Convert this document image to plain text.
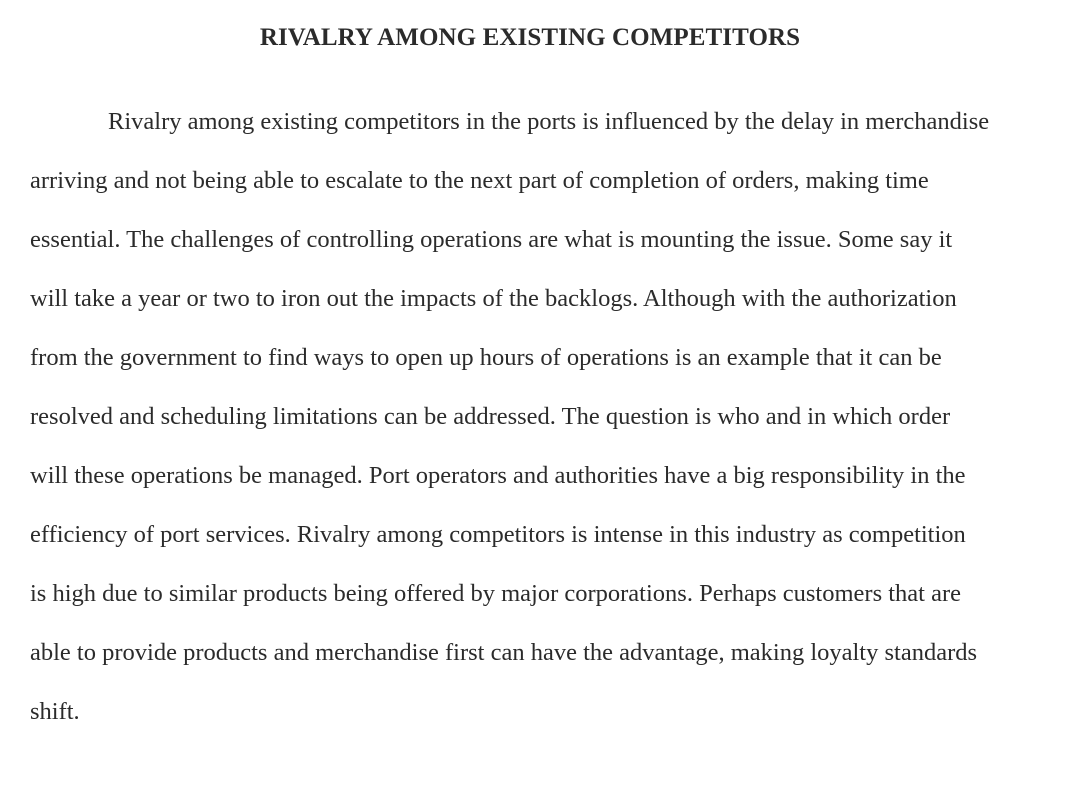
RIVALRY AMONG EXISTING COMPETITORS

Rivalry among existing competitors in the ports is influenced by the delay in merchandise
arriving and not being able to escalate to the next part of completion of orders, making time
essential. The challenges of controlling operations are what is mounting the issue. Some say it
will take a year or two to iron out the impacts of the backlogs. Although with the authorization
from the government to find ways to open up hours of operations is an example that it can be
resolved and scheduling limitations can be addressed. The question is who and in which order
will these operations be managed. Port operators and authorities have a big responsibility in the
efficiency of port services. Rivalry among competitors is intense in this industry as competition
is high due to similar products being offered by major corporations. Perhaps customers that are
able to provide products and merchandise first can have the advantage, making loyalty standards
shift.
